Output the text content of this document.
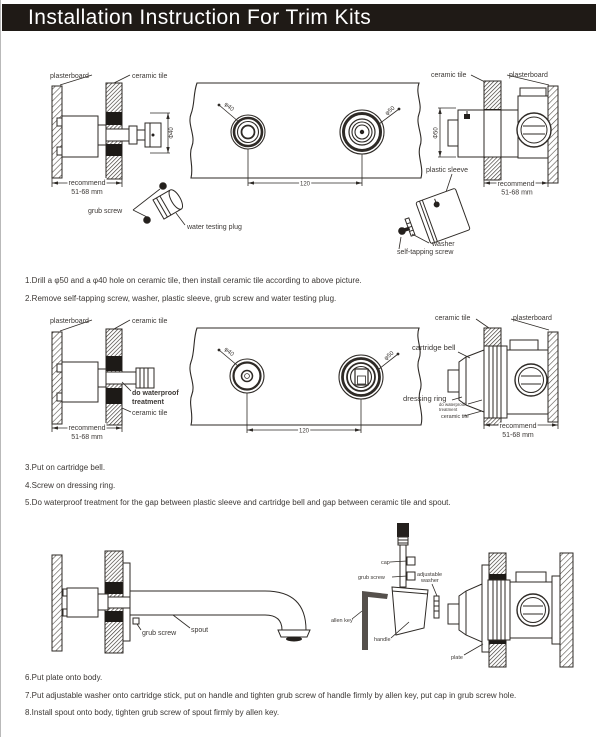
Installation Instruction For Trim Kits
plasterboard	ceramic tile
Φ40
recommend
51-68 mm
grub screw
water testing plug
φ40	φ50
120
ceramic tile	plasterboard
Φ50
plastic sleeve
recommend
51-68 mm
washer
self-tapping screw
1.Drill a φ50 and a φ40 hole on ceramic tile, then install ceramic tile according to above picture.
2.Remove self-tapping screw, washer, plastic sleeve, grub screw and water testing plug.
plasterboard	ceramic tile
do waterproof
treatment
ceramic tile
recommend
51-68 mm
φ40	φ50
120
ceramic tile	plasterboard
cartridge bell
dressing ring
do waterproof
treatment
ceramic tile
recommend
51-68 mm
3.Put on cartridge bell.
4.Screw on dressing ring.
5.Do waterproof treatment for the gap between plastic sleeve and cartridge bell and gap between ceramic tile and spout.
grub screw spout
cap
grub screw	adjustable
washer
allen key
handle
plate
6.Put plate onto body.
7.Put adjustable washer onto cartridge stick, put on handle and tighten grub screw of handle firmly by allen key, put cap in grub screw hole.
8.Install spout onto body, tighten grub screw of spout firmly by allen key.
